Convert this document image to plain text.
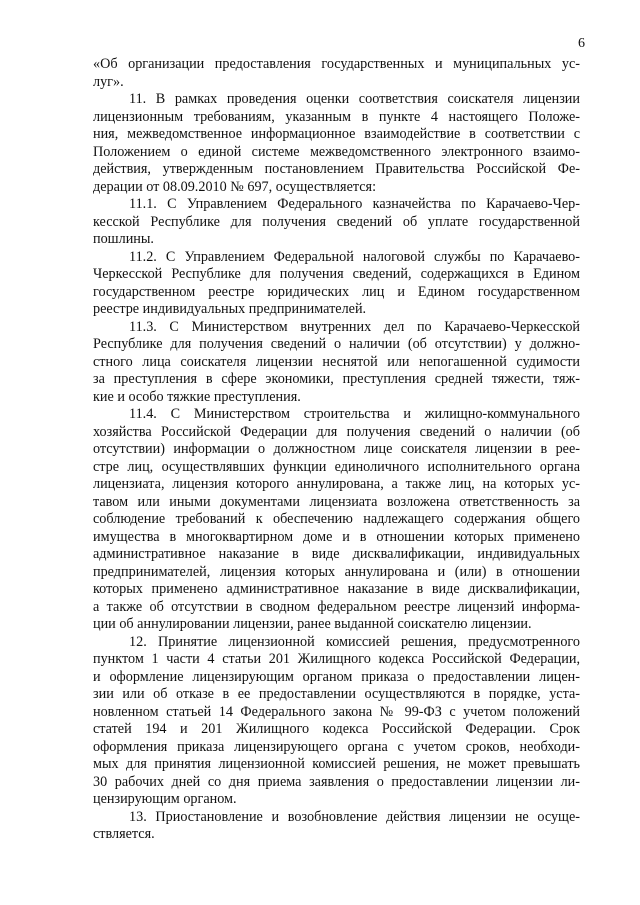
6
«Об организации предоставления государственных и муниципальных ус-
луг».
11. В рамках проведения оценки соответствия соискателя лицензии
лицензионным требованиям, указанным в пункте 4 настоящего Положе-
ния, межведомственное информационное взаимодействие в соответствии с
Положением о единой системе межведомственного электронного взаимо-
действия, утвержденным постановлением Правительства Российской Фе-
дерации от 08.09.2010 № 697, осуществляется:
11.1. С Управлением Федерального казначейства по Карачаево-Чер-
кесской Республике для получения сведений об уплате государственной
пошлины.
11.2. С Управлением Федеральной налоговой службы по Карачаево-
Черкесской Республике для получения сведений, содержащихся в Едином
государственном реестре юридических лиц и Едином государственном
реестре индивидуальных предпринимателей.
11.3. С Министерством внутренних дел по Карачаево-Черкесской
Республике для получения сведений о наличии (об отсутствии) у должно-
стного лица соискателя лицензии неснятой или непогашенной судимости
за преступления в сфере экономики, преступления средней тяжести, тяж-
кие и особо тяжкие преступления.
11.4. С Министерством строительства и жилищно-коммунального
хозяйства Российской Федерации для получения сведений о наличии (об
отсутствии) информации о должностном лице соискателя лицензии в рее-
стре лиц, осуществлявших функции единоличного исполнительного органа
лицензиата, лицензия которого аннулирована, а также лиц, на которых ус-
тавом или иными документами лицензиата возложена ответственность за
соблюдение требований к обеспечению надлежащего содержания общего
имущества в многоквартирном доме и в отношении которых применено
административное наказание в виде дисквалификации, индивидуальных
предпринимателей, лицензия которых аннулирована и (или) в отношении
которых применено административное наказание в виде дисквалификации,
а также об отсутствии в сводном федеральном реестре лицензий информа-
ции об аннулировании лицензии, ранее выданной соискателю лицензии.
12. Принятие лицензионной комиссией решения, предусмотренного
пунктом 1 части 4 статьи 201 Жилищного кодекса Российской Федерации,
и оформление лицензирующим органом приказа о предоставлении лицен-
зии или об отказе в ее предоставлении осуществляются в порядке, уста-
новленном статьей 14 Федерального закона № 99-ФЗ с учетом положений
статей 194 и 201 Жилищного кодекса Российской Федерации. Срок
оформления приказа лицензирующего органа с учетом сроков, необходи-
мых для принятия лицензионной комиссией решения, не может превышать
30 рабочих дней со дня приема заявления о предоставлении лицензии ли-
цензирующим органом.
13. Приостановление и возобновление действия лицензии не осуще-
ствляется.
